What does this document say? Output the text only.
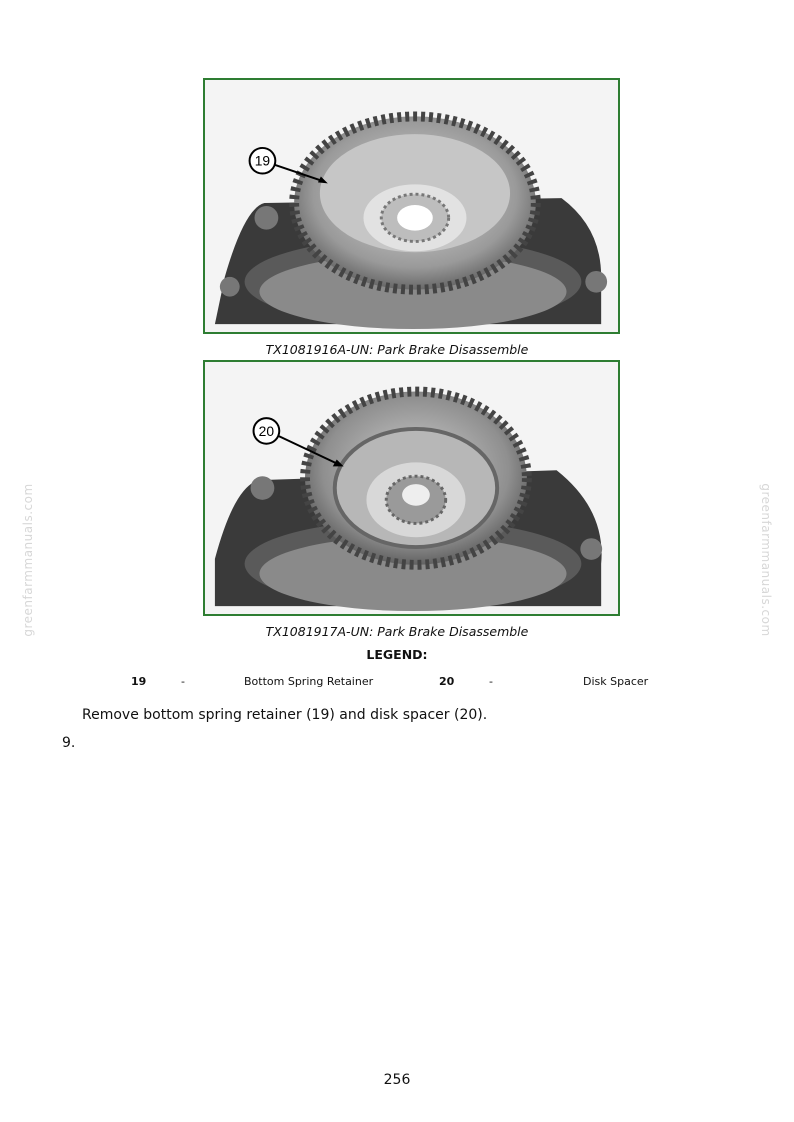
19
TX1081916A-UN: Park Brake Disassemble
20
TX1081917A-UN: Park Brake Disassemble
LEGEND:
19	-	Bottom Spring Retainer	20	-	Disk Spacer
Remove bottom spring retainer (19) and disk spacer (20).
9.
256
greenfarmmanuals.com	greenfarmmanuals.com
